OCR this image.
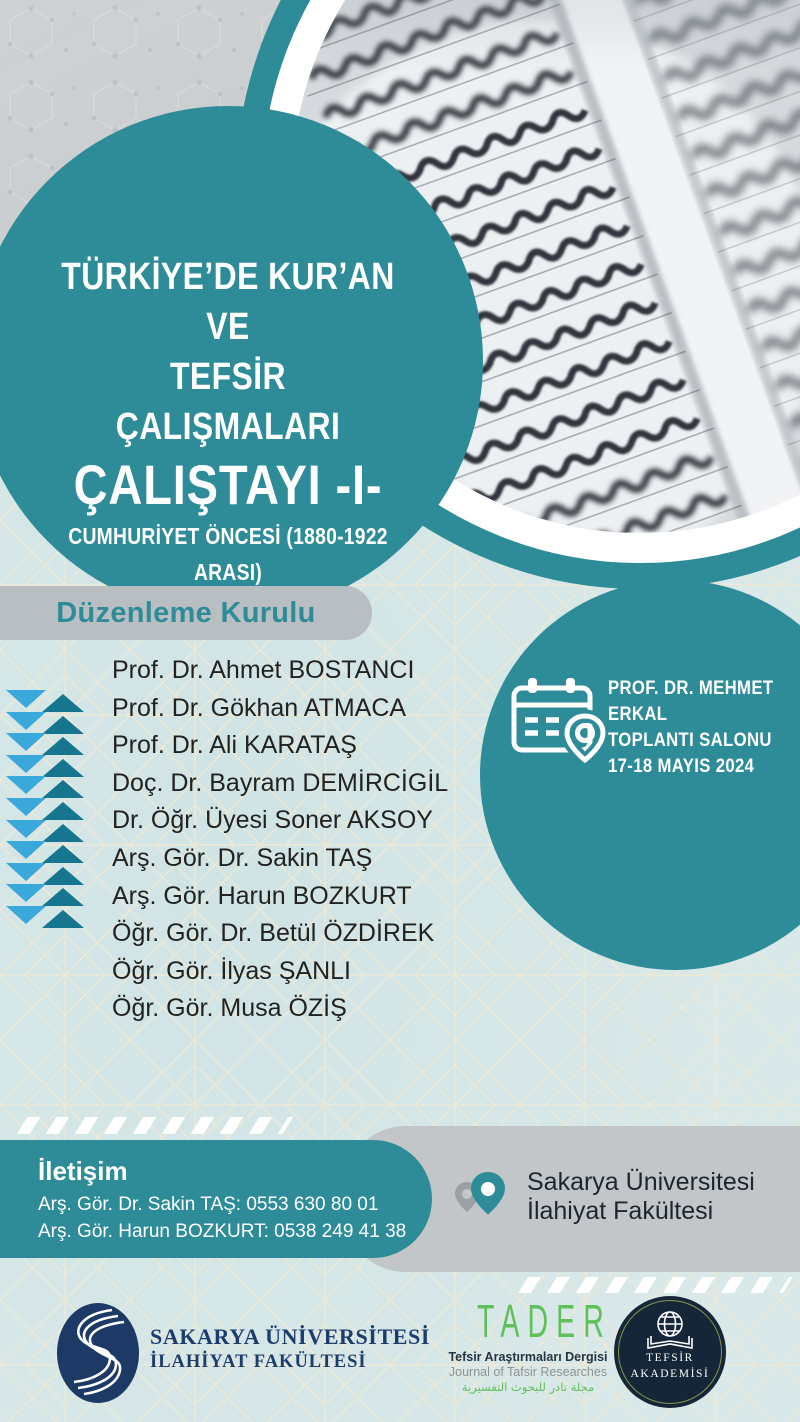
TÜRKİYE’DE KUR’AN VE
TEFSİR ÇALIŞMALARI
ÇALIŞTAYI -I-
CUMHURİYET ÖNCESİ (1880-1922 ARASI)
PROF. DR. MEHMET ERKAL
TOPLANTI SALONU
17-18 MAYIS 2024
Düzenleme Kurulu
Prof. Dr. Ahmet BOSTANCI
Prof. Dr. Gökhan ATMACA
Prof. Dr. Ali KARATAŞ
Doç. Dr. Bayram DEMİRCİGİL
Dr. Öğr. Üyesi Soner AKSOY
Arş. Gör. Dr. Sakin TAŞ
Arş. Gör. Harun BOZKURT
Öğr. Gör. Dr. Betül ÖZDİREK
Öğr. Gör. İlyas ŞANLI
Öğr. Gör. Musa ÖZİŞ
Sakarya Üniversitesi
İlahiyat Fakültesi
İletişim
Arş. Gör. Dr. Sakin TAŞ: 0553 630 80 01
Arş. Gör. Harun BOZKURT: 0538 249 41 38
SAKARYA ÜNİVERSİTESİ
İLAHİYAT FAKÜLTESİ
TADER
Tefsir Araştırmaları Dergisi
Journal of Tafsir Researches
مجلة تادر للبحوث التفسيرية
TEFSİR
AKADEMİSİ
